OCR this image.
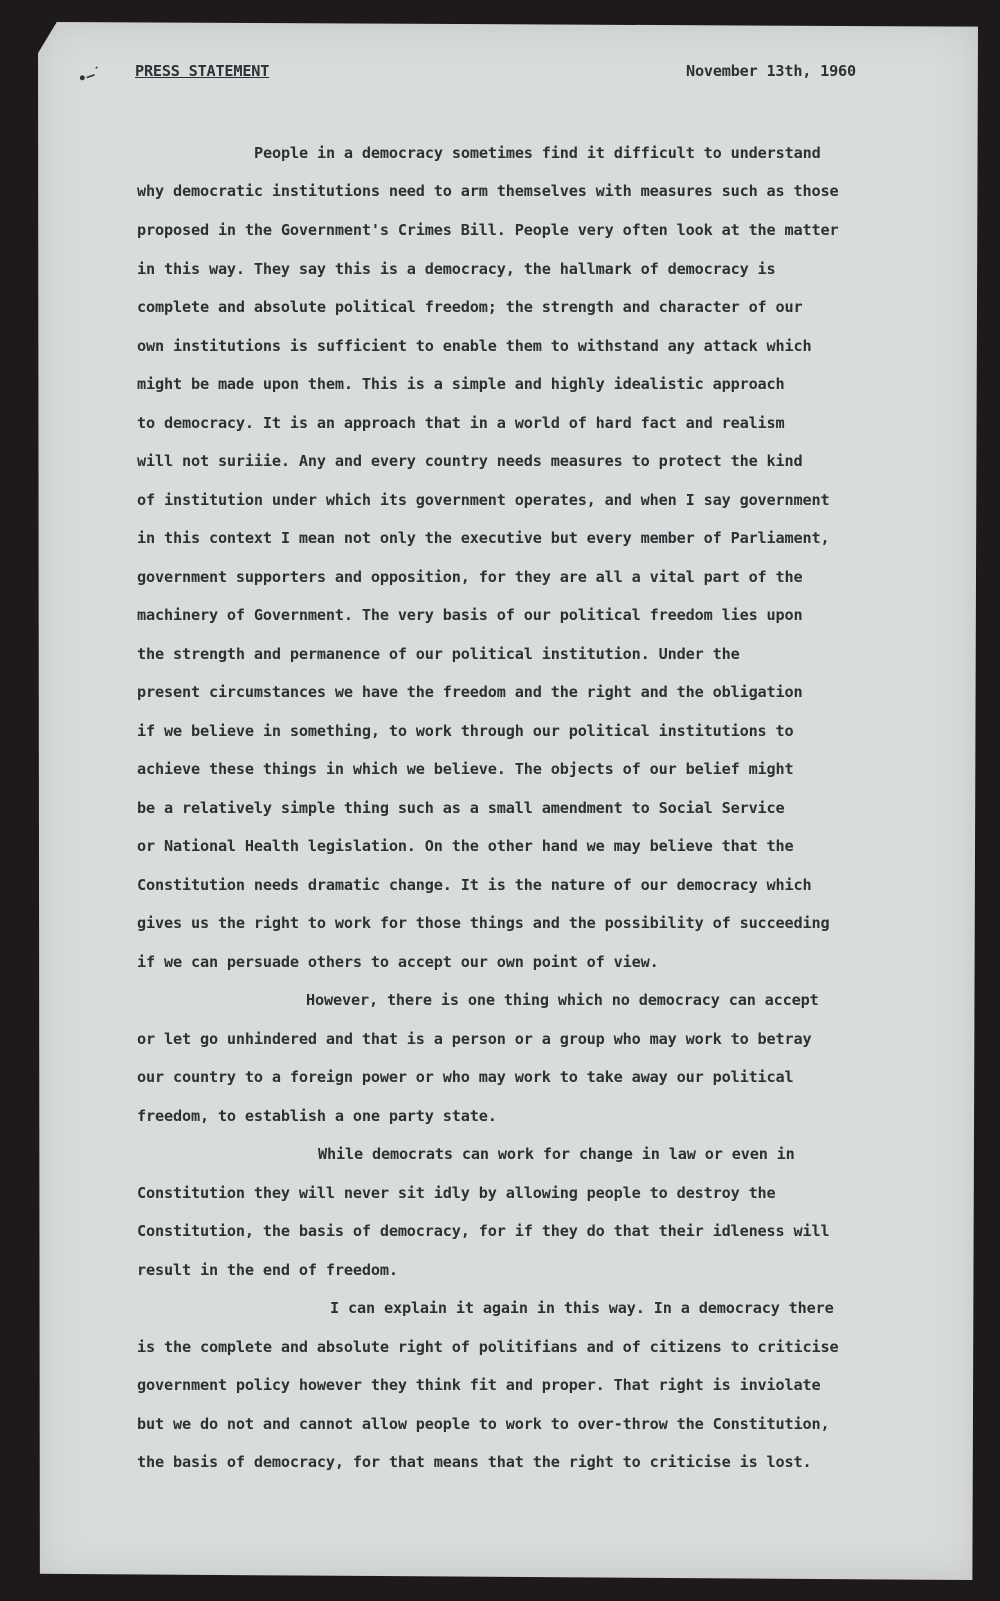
•–˙ PRESS STATEMENT	November 13th, 1960
People in a democracy sometimes find it difficult to understand
why democratic institutions need to arm themselves with measures such as those
proposed in the Government's Crimes Bill. People very often look at the matter
in this way. They say this is a democracy, the hallmark of democracy is
complete and absolute political freedom; the strength and character of our
own institutions is sufficient to enable them to withstand any attack which
might be made upon them. This is a simple and highly idealistic approach
to democracy. It is an approach that in a world of hard fact and realism
will not suriiie. Any and every country needs measures to protect the kind
of institution under which its government operates, and when I say government
in this context I mean not only the executive but every member of Parliament,
government supporters and opposition, for they are all a vital part of the
machinery of Government. The very basis of our political freedom lies upon
the strength and permanence of our political institution. Under the
present circumstances we have the freedom and the right and the obligation
if we believe in something, to work through our political institutions to
achieve these things in which we believe. The objects of our belief might
be a relatively simple thing such as a small amendment to Social Service
or National Health legislation. On the other hand we may believe that the
Constitution needs dramatic change. It is the nature of our democracy which
gives us the right to work for those things and the possibility of succeeding
if we can persuade others to accept our own point of view.
However, there is one thing which no democracy can accept
or let go unhindered and that is a person or a group who may work to betray
our country to a foreign power or who may work to take away our political
freedom, to establish a one party state.
While democrats can work for change in law or even in
Constitution they will never sit idly by allowing people to destroy the
Constitution, the basis of democracy, for if they do that their idleness will
result in the end of freedom.
I can explain it again in this way. In a democracy there
is the complete and absolute right of politifians and of citizens to criticise
government policy however they think fit and proper. That right is inviolate
but we do not and cannot allow people to work to over-throw the Constitution,
the basis of democracy, for that means that the right to criticise is lost.
